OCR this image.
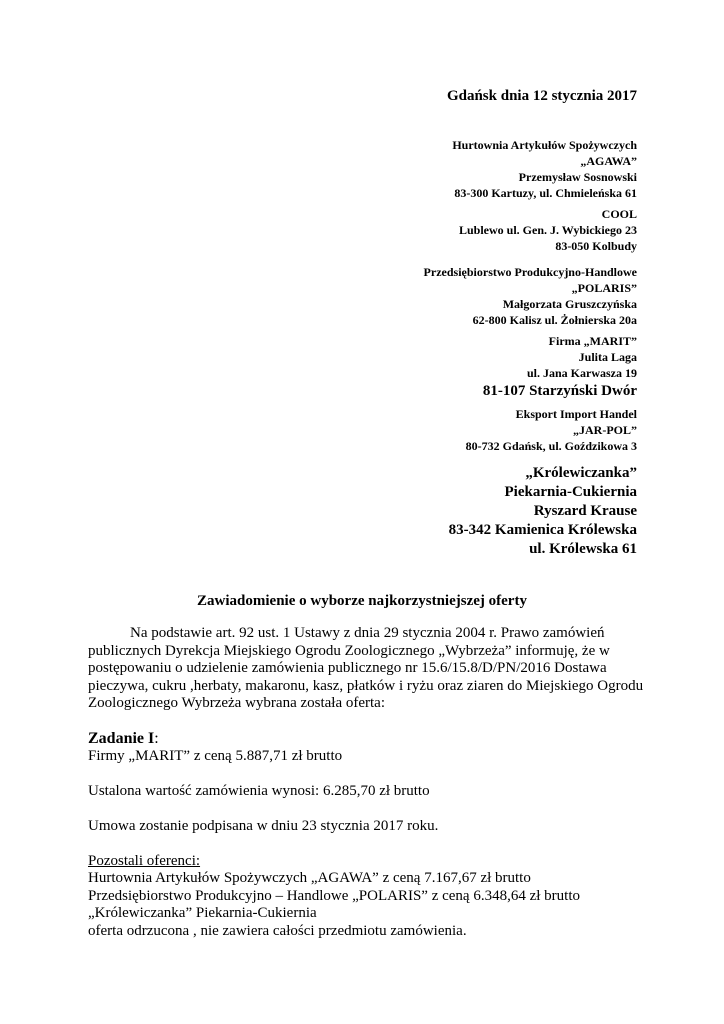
Gdańsk dnia 12 stycznia 2017
Hurtownia Artykułów Spożywczych
„AGAWA”
Przemysław Sosnowski
83-300 Kartuzy, ul. Chmieleńska 61
COOL
Lublewo ul. Gen. J. Wybickiego 23
83-050 Kolbudy
Przedsiębiorstwo Produkcyjno-Handlowe
„POLARIS”
Małgorzata Gruszczyńska
62-800 Kalisz ul. Żołnierska 20a
Firma „MARIT”
Julita Laga
ul. Jana Karwasza 19
81-107 Starzyński Dwór
Eksport Import Handel
„JAR-POL”
80-732 Gdańsk, ul. Goździkowa 3
„Królewiczanka”
Piekarnia-Cukiernia
Ryszard Krause
83-342 Kamienica Królewska
ul. Królewska 61
Zawiadomienie o wyborze najkorzystniejszej oferty

Na podstawie art. 92 ust. 1 Ustawy z dnia 29 stycznia 2004 r. Prawo zamówień publicznych Dyrekcja Miejskiego Ogrodu Zoologicznego „Wybrzeża” informuję, że w postępowaniu o udzielenie zamówienia publicznego nr 15.6/15.8/D/PN/2016 Dostawa pieczywa, cukru ,herbaty, makaronu, kasz, płatków i ryżu oraz ziaren do Miejskiego Ogrodu Zoologicznego Wybrzeża wybrana została oferta:

Zadanie I:

Firmy „MARIT” z ceną 5.887,71 zł brutto

Ustalona wartość zamówienia wynosi: 6.285,70 zł brutto

Umowa zostanie podpisana w dniu 23 stycznia 2017 roku.

Pozostali oferenci:

Hurtownia Artykułów Spożywczych „AGAWA” z ceną 7.167,67 zł brutto

Przedsiębiorstwo Produkcyjno – Handlowe „POLARIS” z ceną 6.348,64 zł brutto

„Królewiczanka” Piekarnia-Cukiernia

oferta odrzucona , nie zawiera całości przedmiotu zamówienia.
